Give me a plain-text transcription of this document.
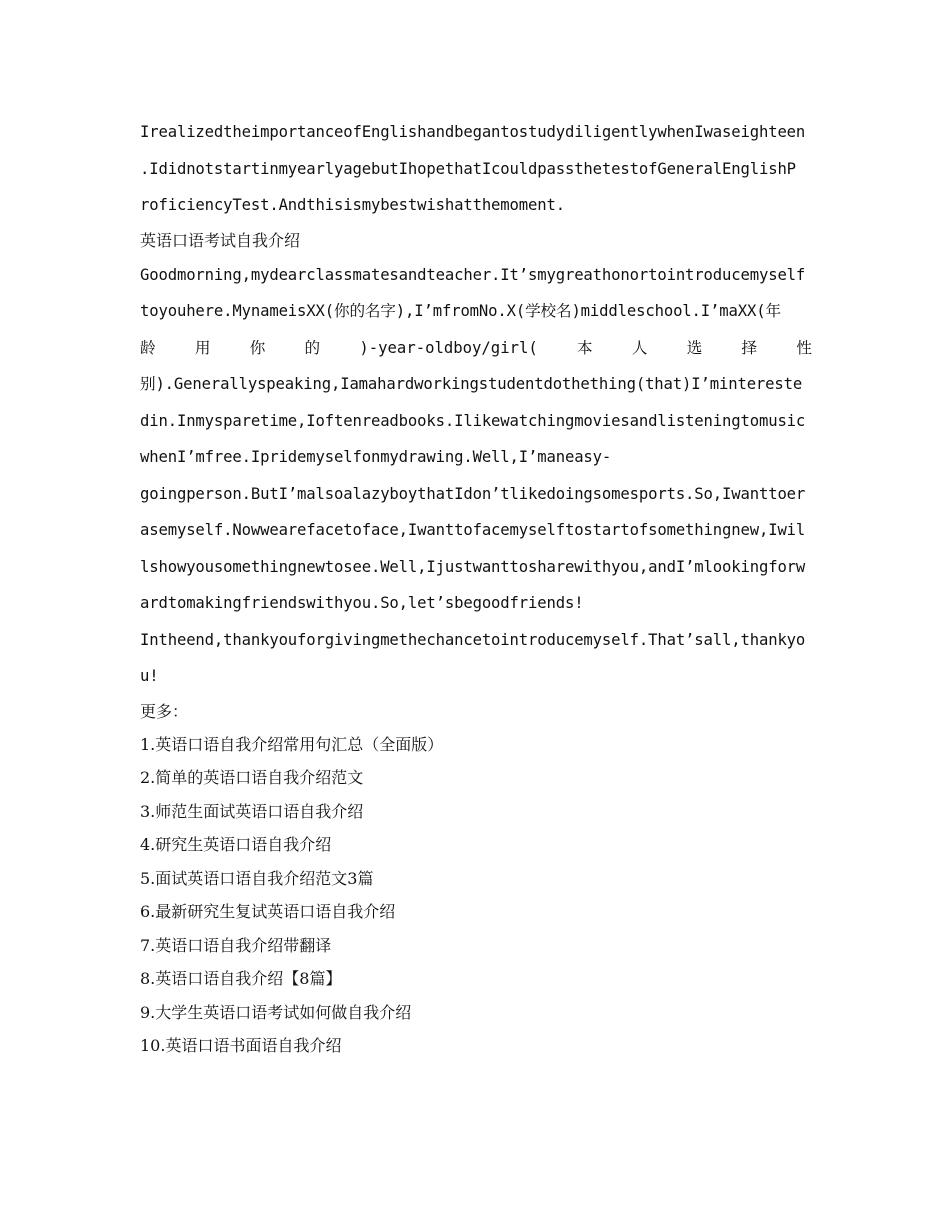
IrealizedtheimportanceofEnglishandbegantostudydiligentlywhenIwaseighteen
.IdidnotstartinmyearlyagebutIhopethatIcouldpassthetestofGeneralEnglishP
roficiencyTest.Andthisismybestwishatthemoment.
英语口语考试自我介绍
Goodmorning,mydearclassmatesandteacher.It’smygreathonortointroducemyself
toyouhere.MynameisXX(你的名字),I’mfromNo.X(学校名)middleschool.I’maXX(年
龄	用	你	的	)-year-oldboy/girl(	本	人	选	择	性
别).Generallyspeaking,Iamahardworkingstudentdothething(that)I’mintereste
din.Inmysparetime,Ioftenreadbooks.Ilikewatchingmoviesandlisteningtomusic
whenI’mfree.Ipridemyselfonmydrawing.Well,I’maneasy-
goingperson.ButI’malsoalazyboythatIdon’tlikedoingsomesports.So,Iwanttoer
asemyself.Nowwearefacetoface,Iwanttofacemyselftostartofsomethingnew,Iwil
lshowyousomethingnewtosee.Well,Ijustwanttosharewithyou,andI’mlookingforw
ardtomakingfriendswithyou.So,let’sbegoodfriends!
Intheend,thankyouforgivingmethechancetointroducemyself.That’sall,thankyo
u!
更多：
1.英语口语自我介绍常用句汇总（全面版）
2.简单的英语口语自我介绍范文
3.师范生面试英语口语自我介绍
4.研究生英语口语自我介绍
5.面试英语口语自我介绍范文3篇
6.最新研究生复试英语口语自我介绍
7.英语口语自我介绍带翻译
8.英语口语自我介绍【8篇】
9.大学生英语口语考试如何做自我介绍
10.英语口语书面语自我介绍
